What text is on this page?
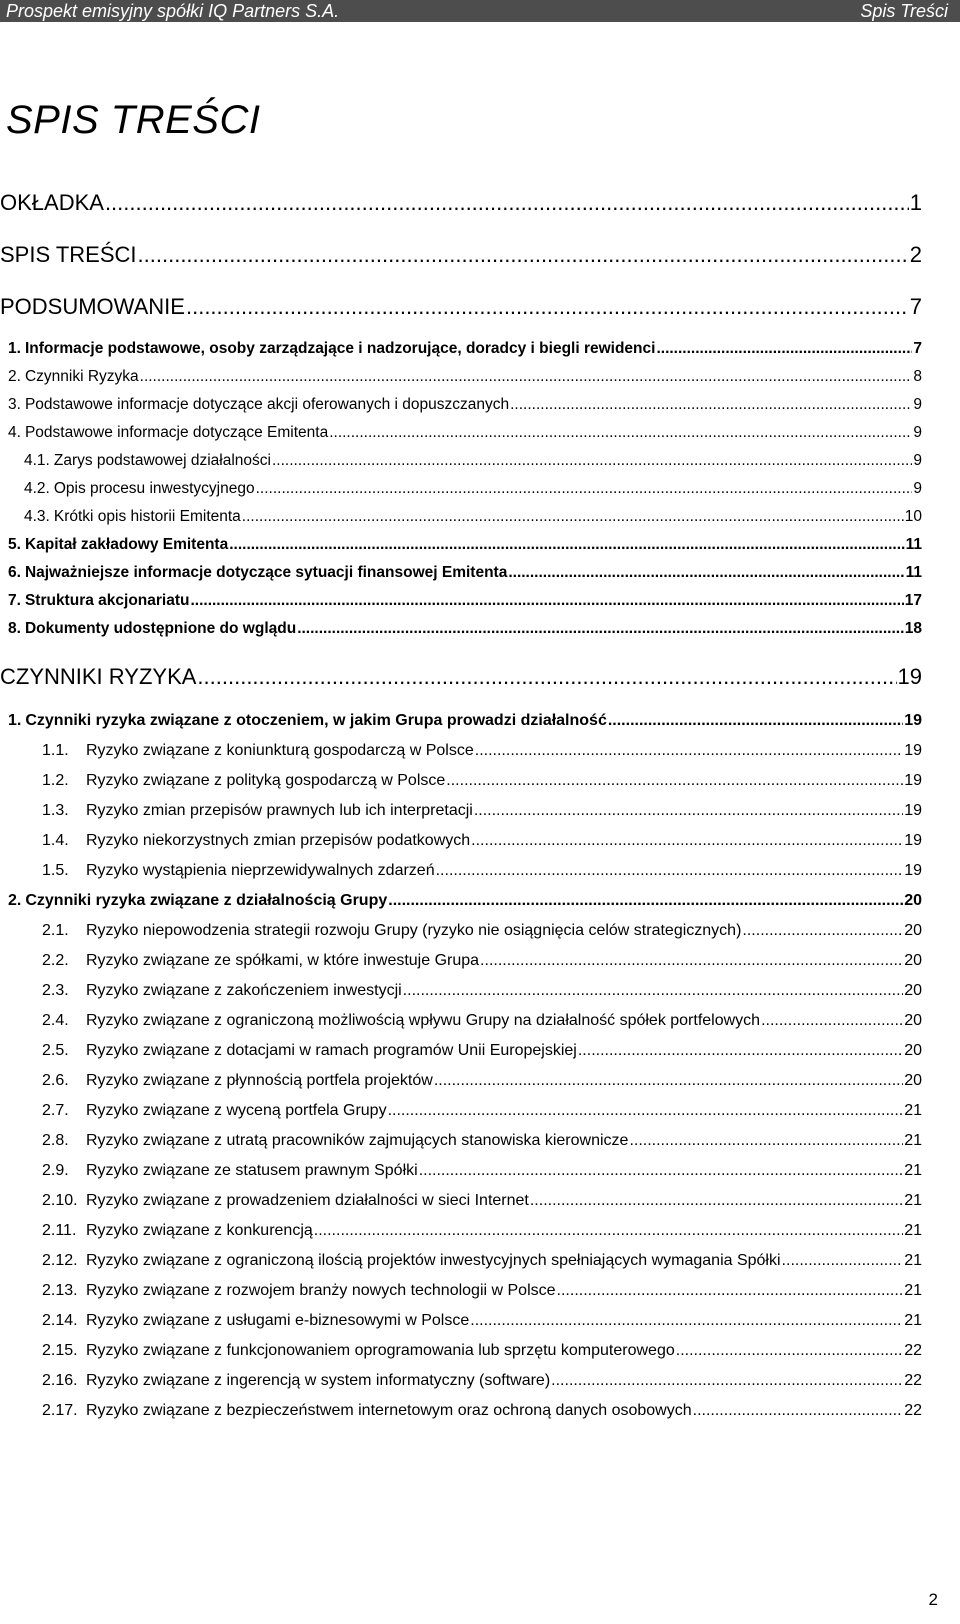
Prospekt emisyjny spółki IQ Partners S.A.	Spis Treści
SPIS TREŚCI
OKŁADKA .....	1
SPIS TREŚCI .....	2
PODSUMOWANIE .....	7
1. Informacje podstawowe, osoby zarządzające i nadzorujące, doradcy i biegli rewidenci .....	7
2. Czynniki Ryzyka .....	8
3. Podstawowe informacje dotyczące akcji oferowanych i dopuszczanych .....	9
4. Podstawowe informacje dotyczące Emitenta .....	9
4.1. Zarys podstawowej działalności .....	9
4.2. Opis procesu inwestycyjnego .....	9
4.3. Krótki opis historii Emitenta .....	10
5. Kapitał zakładowy Emitenta .....	11
6. Najważniejsze informacje dotyczące sytuacji finansowej Emitenta .....	11
7. Struktura akcjonariatu .....	17
8. Dokumenty udostępnione do wglądu .....	18
CZYNNIKI RYZYKA .....	19
1. Czynniki ryzyka związane z otoczeniem, w jakim Grupa prowadzi działalność .....	19
1.1.	Ryzyko związane z koniunkturą gospodarczą w Polsce .....	19
1.2.	Ryzyko związane z polityką gospodarczą w Polsce .....	19
1.3.	Ryzyko zmian przepisów prawnych lub ich interpretacji .....	19
1.4.	Ryzyko niekorzystnych zmian przepisów podatkowych .....	19
1.5.	Ryzyko wystąpienia nieprzewidywalnych zdarzeń .....	19
2. Czynniki ryzyka związane z działalnością Grupy .....	20
2.1.	Ryzyko niepowodzenia strategii rozwoju Grupy (ryzyko nie osiągnięcia celów strategicznych) .....	20
2.2.	Ryzyko związane ze spółkami, w które inwestuje Grupa .....	20
2.3.	Ryzyko związane z zakończeniem inwestycji .....	20
2.4.	Ryzyko związane z ograniczoną możliwością wpływu Grupy na działalność spółek portfelowych .....	20
2.5.	Ryzyko związane z dotacjami w ramach programów Unii Europejskiej .....	20
2.6.	Ryzyko związane z płynnością portfela projektów .....	20
2.7.	Ryzyko związane z wyceną portfela Grupy .....	21
2.8.	Ryzyko związane z utratą pracowników zajmujących stanowiska kierownicze .....	21
2.9.	Ryzyko związane ze statusem prawnym Spółki .....	21
2.10. Ryzyko związane z prowadzeniem działalności w sieci Internet .....	21
2.11. Ryzyko związane z konkurencją .....	21
2.12. Ryzyko związane z ograniczoną ilością projektów inwestycyjnych spełniających wymagania Spółki .....	21
2.13. Ryzyko związane z rozwojem branży nowych technologii w Polsce .....	21
2.14. Ryzyko związane z usługami e-biznesowymi w Polsce .....	21
2.15. Ryzyko związane z funkcjonowaniem oprogramowania lub sprzętu komputerowego .....	22
2.16. Ryzyko związane z ingerencją w system informatyczny (software) .....	22
2.17. Ryzyko związane z bezpieczeństwem internetowym oraz ochroną danych osobowych .....	22
2
